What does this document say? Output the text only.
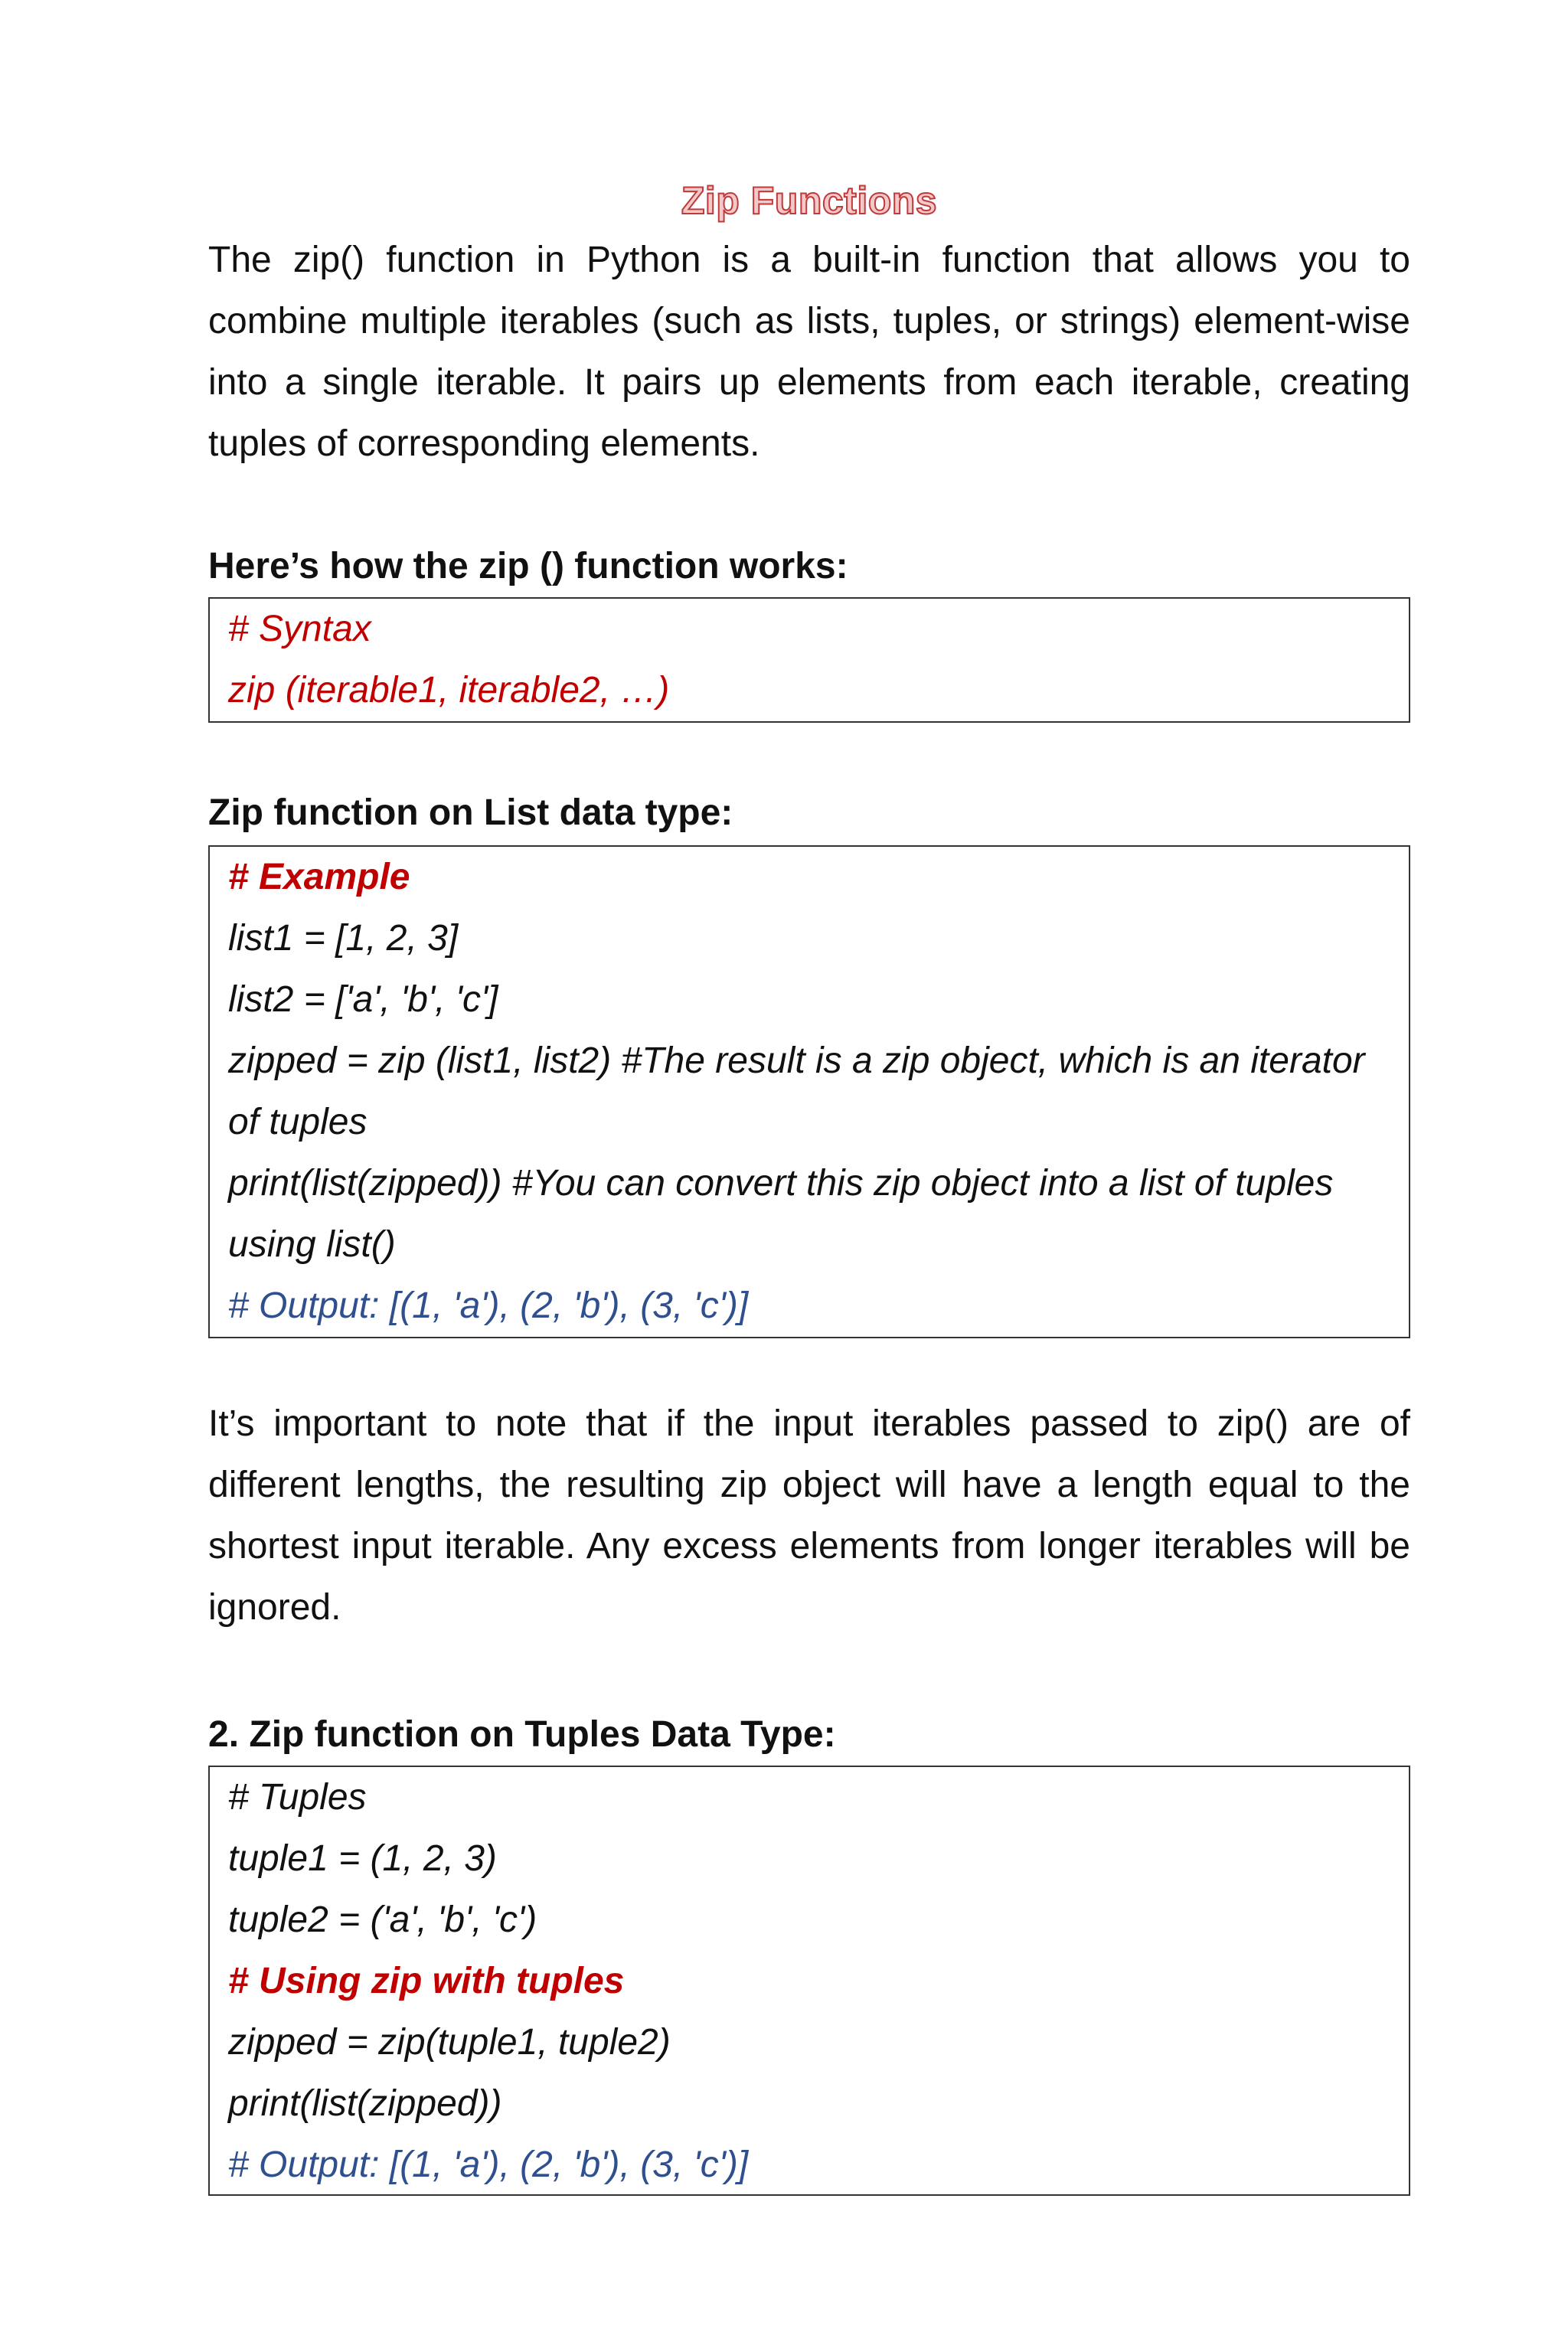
Zip Functions
The zip() function in Python is a built-in function that allows you to combine multiple iterables (such as lists, tuples, or strings) element-wise into a single iterable. It pairs up elements from each iterable, creating tuples of corresponding elements.
Here’s how the zip () function works:
# Syntax
zip (iterable1, iterable2, …)
Zip function on List data type:
# Example
list1 = [1, 2, 3]
list2 = ['a', 'b', 'c']
zipped = zip (list1, list2) #The result is a zip object, which is an iterator of tuples
print(list(zipped)) #You can convert this zip object into a list of tuples using list()
# Output: [(1, 'a'), (2, 'b'), (3, 'c')]
It’s important to note that if the input iterables passed to zip() are of different lengths, the resulting zip object will have a length equal to the shortest input iterable. Any excess elements from longer iterables will be ignored.
2. Zip function on Tuples Data Type:
# Tuples
tuple1 = (1, 2, 3)
tuple2 = ('a', 'b', 'c')
# Using zip with tuples
zipped = zip(tuple1, tuple2)
print(list(zipped))
# Output: [(1, 'a'), (2, 'b'), (3, 'c')]
